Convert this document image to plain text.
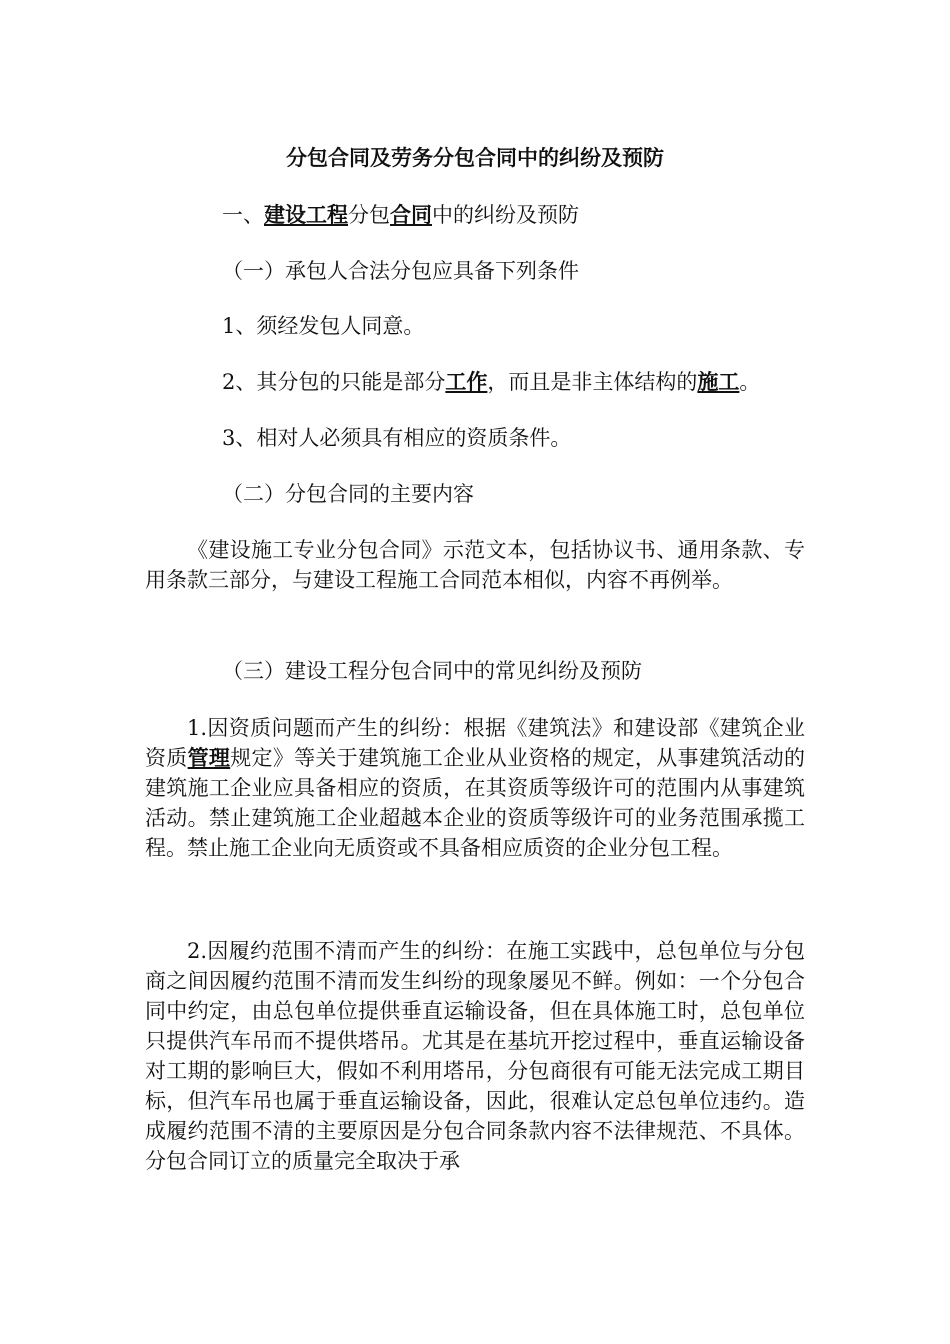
分包合同及劳务分包合同中的纠纷及预防
一、建设工程分包合同中的纠纷及预防
（一）承包人合法分包应具备下列条件
1、须经发包人同意。
2、其分包的只能是部分工作，而且是非主体结构的施工。
3、相对人必须具有相应的资质条件。
（二）分包合同的主要内容
《建设施工专业分包合同》示范文本，包括协议书、通用条款、专用条款三部分，与建设工程施工合同范本相似，内容不再例举。
（三）建设工程分包合同中的常见纠纷及预防
1.因资质问题而产生的纠纷：根据《建筑法》和建设部《建筑企业资质管理规定》等关于建筑施工企业从业资格的规定，从事建筑活动的建筑施工企业应具备相应的资质，在其资质等级许可的范围内从事建筑活动。禁止建筑施工企业超越本企业的资质等级许可的业务范围承揽工程。禁止施工企业向无质资或不具备相应质资的企业分包工程。
2.因履约范围不清而产生的纠纷：在施工实践中，总包单位与分包商之间因履约范围不清而发生纠纷的现象屡见不鲜。例如：一个分包合同中约定，由总包单位提供垂直运输设备，但在具体施工时，总包单位只提供汽车吊而不提供塔吊。尤其是在基坑开挖过程中，垂直运输设备对工期的影响巨大，假如不利用塔吊，分包商很有可能无法完成工期目标，但汽车吊也属于垂直运输设备，因此，很难认定总包单位违约。造成履约范围不清的主要原因是分包合同条款内容不法律规范、不具体。分包合同订立的质量完全取决于承
